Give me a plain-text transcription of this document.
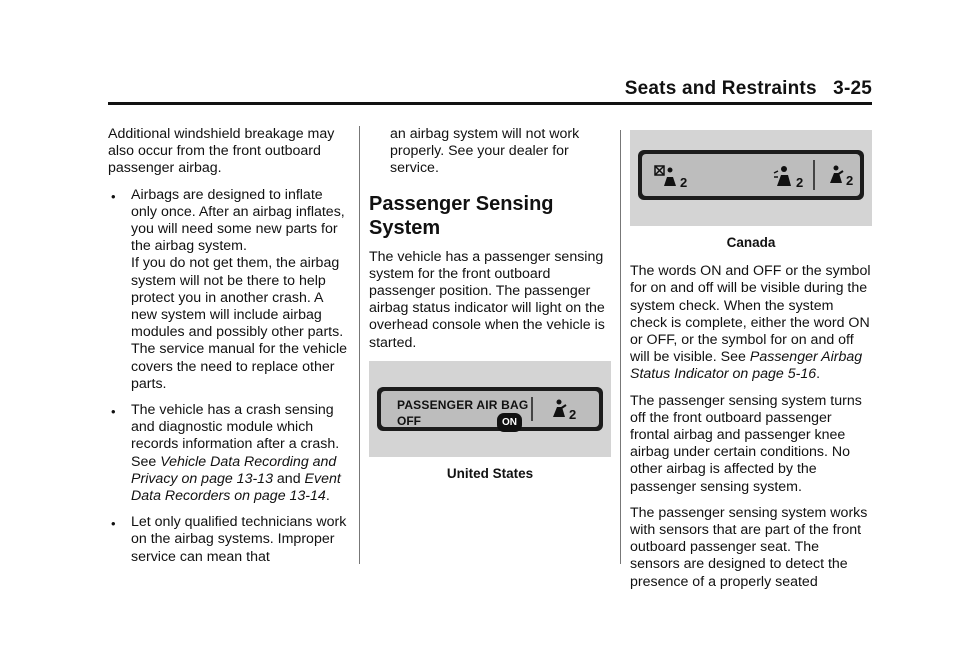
Seats and Restraints 3-25

Additional windshield breakage may also occur from the front outboard passenger airbag.

• Airbags are designed to inflate only once. After an airbag inflates, you will need some new parts for the airbag system.
If you do not get them, the airbag system will not be there to help protect you in another crash. A new system will include airbag modules and possibly other parts. The service manual for the vehicle covers the need to replace other parts.
• The vehicle has a crash sensing and diagnostic module which records information after a crash. See Vehicle Data Recording and Privacy on page 13-13 and Event Data Recorders on page 13-14.
• Let only qualified technicians work on the airbag systems. Improper service can mean that

an airbag system will not work properly. See your dealer for service.

Passenger Sensing System

The vehicle has a passenger sensing system for the front outboard passenger position. The passenger airbag status indicator will light on the overhead console when the vehicle is started.

PASSENGER AIR BAG
OFF	ON
2

United States

2	2	2

Canada

The words ON and OFF or the symbol for on and off will be visible during the system check. When the system check is complete, either the word ON or OFF, or the symbol for on and off will be visible. See Passenger Airbag Status Indicator on page 5-16.

The passenger sensing system turns off the front outboard passenger frontal airbag and passenger knee airbag under certain conditions. No other airbag is affected by the passenger sensing system.

The passenger sensing system works with sensors that are part of the front outboard passenger seat. The sensors are designed to detect the presence of a properly seated
